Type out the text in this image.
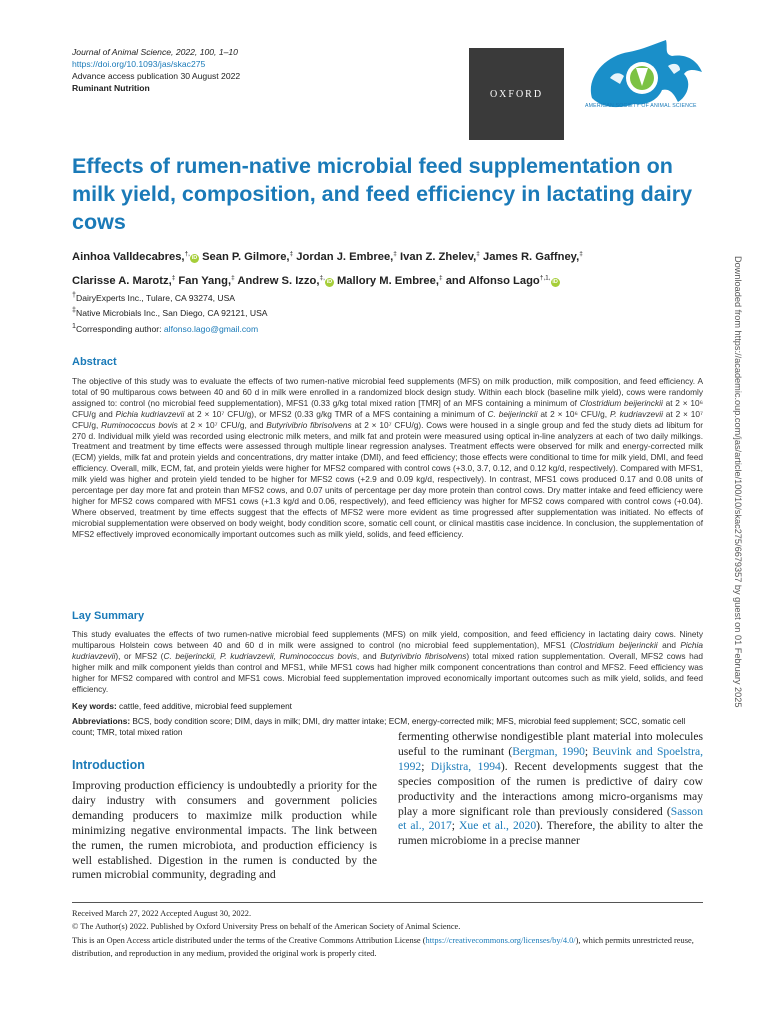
Journal of Animal Science, 2022, 100, 1–10
https://doi.org/10.1093/jas/skac275
Advance access publication 30 August 2022
Ruminant Nutrition
OXFORD
AMERICAN SOCIETY OF ANIMAL SCIENCE
Effects of rumen-native microbial feed supplementation on milk yield, composition, and feed efficiency in lactating dairy cows
Ainhoa Valldecabres,†,iD Sean P. Gilmore,‡ Jordan J. Embree,‡ Ivan Z. Zhelev,‡ James R. Gaffney,‡
Clarisse A. Marotz,‡ Fan Yang,‡ Andrew S. Izzo,‡,iD Mallory M. Embree,‡ and Alfonso Lago$^{\dagger,1,}$iD
†DairyExperts Inc., Tulare, CA 93274, USA
‡Native Microbials Inc., San Diego, CA 92121, USA
$^1$Corresponding author: alfonso.lago@gmail.com
Abstract
The objective of this study was to evaluate the effects of two rumen-native microbial feed supplements (MFS) on milk production, milk composition, and feed efficiency. A total of 90 multiparous cows between 40 and 60 d in milk were enrolled in a randomized block design study. Within each block (baseline milk yield), cows were randomly assigned to: control (no microbial feed supplementation), MFS1 (0.33 g/kg total mixed ration [TMR] of an MFS containing a minimum of Clostridium beijerinckii at 2 × 10⁶ CFU/g and Pichia kudriavzevii at 2 × 10⁷ CFU/g), or MFS2 (0.33 g/kg TMR of a MFS containing a minimum of C. beijerinckii at 2 × 10⁶ CFU/g, P. kudriavzevii at 2 × 10⁷ CFU/g, Ruminococcus bovis at 2 × 10⁷ CFU/g, and Butyrivibrio fibrisolvens at 2 × 10⁷ CFU/g). Cows were housed in a single group and fed the study diets ad libitum for 270 d. Individual milk yield was recorded using electronic milk meters, and milk fat and protein were measured using optical in-line analyzers at each of two daily milkings. Treatment and treatment by time effects were assessed through multiple linear regression analyses. Treatment effects were observed for milk and energy-corrected milk (ECM) yields, milk fat and protein yields and concentrations, dry matter intake (DMI), and feed efficiency; those effects were conditional to time for milk yield, DMI, and feed efficiency. Overall, milk, ECM, fat, and protein yields were higher for MFS2 compared with control cows (+3.0, 3.7, 0.12, and 0.12 kg/d, respectively). Compared with MFS1, milk yield was higher and protein yield tended to be higher for MFS2 cows (+2.9 and 0.09 kg/d, respectively). In contrast, MFS1 cows produced 0.17 and 0.08 units of percentage per day more fat and protein than MFS2 cows, and 0.07 units of percentage per day more protein than control cows. Dry matter intake and feed efficiency were higher for MFS2 cows compared with MFS1 cows (+1.3 kg/d and 0.06, respectively), and feed efficiency was higher for MFS2 cows compared with control cows (+0.04). Where observed, treatment by time effects suggest that the effects of MFS2 were more evident as time progressed after supplementation was initiated. No effects of microbial supplementation were observed on body weight, body condition score, somatic cell count, or clinical mastitis case incidence. In conclusion, the supplementation of MFS2 effectively improved economically important outcomes such as milk yield, solids, and feed efficiency.
Lay Summary
This study evaluates the effects of two rumen-native microbial feed supplements (MFS) on milk yield, composition, and feed efficiency in lactating dairy cows. Ninety multiparous Holstein cows between 40 and 60 d in milk were assigned to control (no microbial feed supplementation), MFS1 (Clostridium beijerinckii and Pichia kudriavzevii), or MFS2 (C. beijerinckii, P. kudriavzevii, Ruminococcus bovis, and Butyrivibrio fibrisolvens) total mixed ration supplementation. Overall, MFS2 cows had higher milk and milk component yields than control and MFS1, while MFS1 cows had higher milk component concentrations than control and MFS2. Feed efficiency was higher for MFS2 compared with control and MFS1 cows. Microbial feed supplementation improved economically important outcomes such as milk yield, solids, and feed efficiency.
Key words: cattle, feed additive, microbial feed supplement
Abbreviations: BCS, body condition score; DIM, days in milk; DMI, dry matter intake; ECM, energy-corrected milk; MFS, microbial feed supplement; SCC, somatic cell count; TMR, total mixed ration
Introduction
Improving production efficiency is undoubtedly a priority for the dairy industry with consumers and government policies demanding producers to maximize milk production while minimizing negative environmental impacts. The link between the rumen, the rumen microbiota, and production efficiency is well established. Digestion in the rumen is conducted by the rumen microbial community, degrading and
fermenting otherwise nondigestible plant material into molecules useful to the ruminant (Bergman, 1990; Beuvink and Spoelstra, 1992; Dijkstra, 1994). Recent developments suggest that the species composition of the rumen is predictive of dairy cow productivity and the interactions among micro-organisms may play a more significant role than previously considered (Sasson et al., 2017; Xue et al., 2020). Therefore, the ability to alter the rumen microbiome in a precise manner
Received March 27, 2022 Accepted August 30, 2022.
© The Author(s) 2022. Published by Oxford University Press on behalf of the American Society of Animal Science.
This is an Open Access article distributed under the terms of the Creative Commons Attribution License (https://creativecommons.org/licenses/by/4.0/), which permits unrestricted reuse, distribution, and reproduction in any medium, provided the original work is properly cited.
Downloaded from https://academic.oup.com/jas/article/100/10/skac275/6679357 by guest on 01 February 2025
